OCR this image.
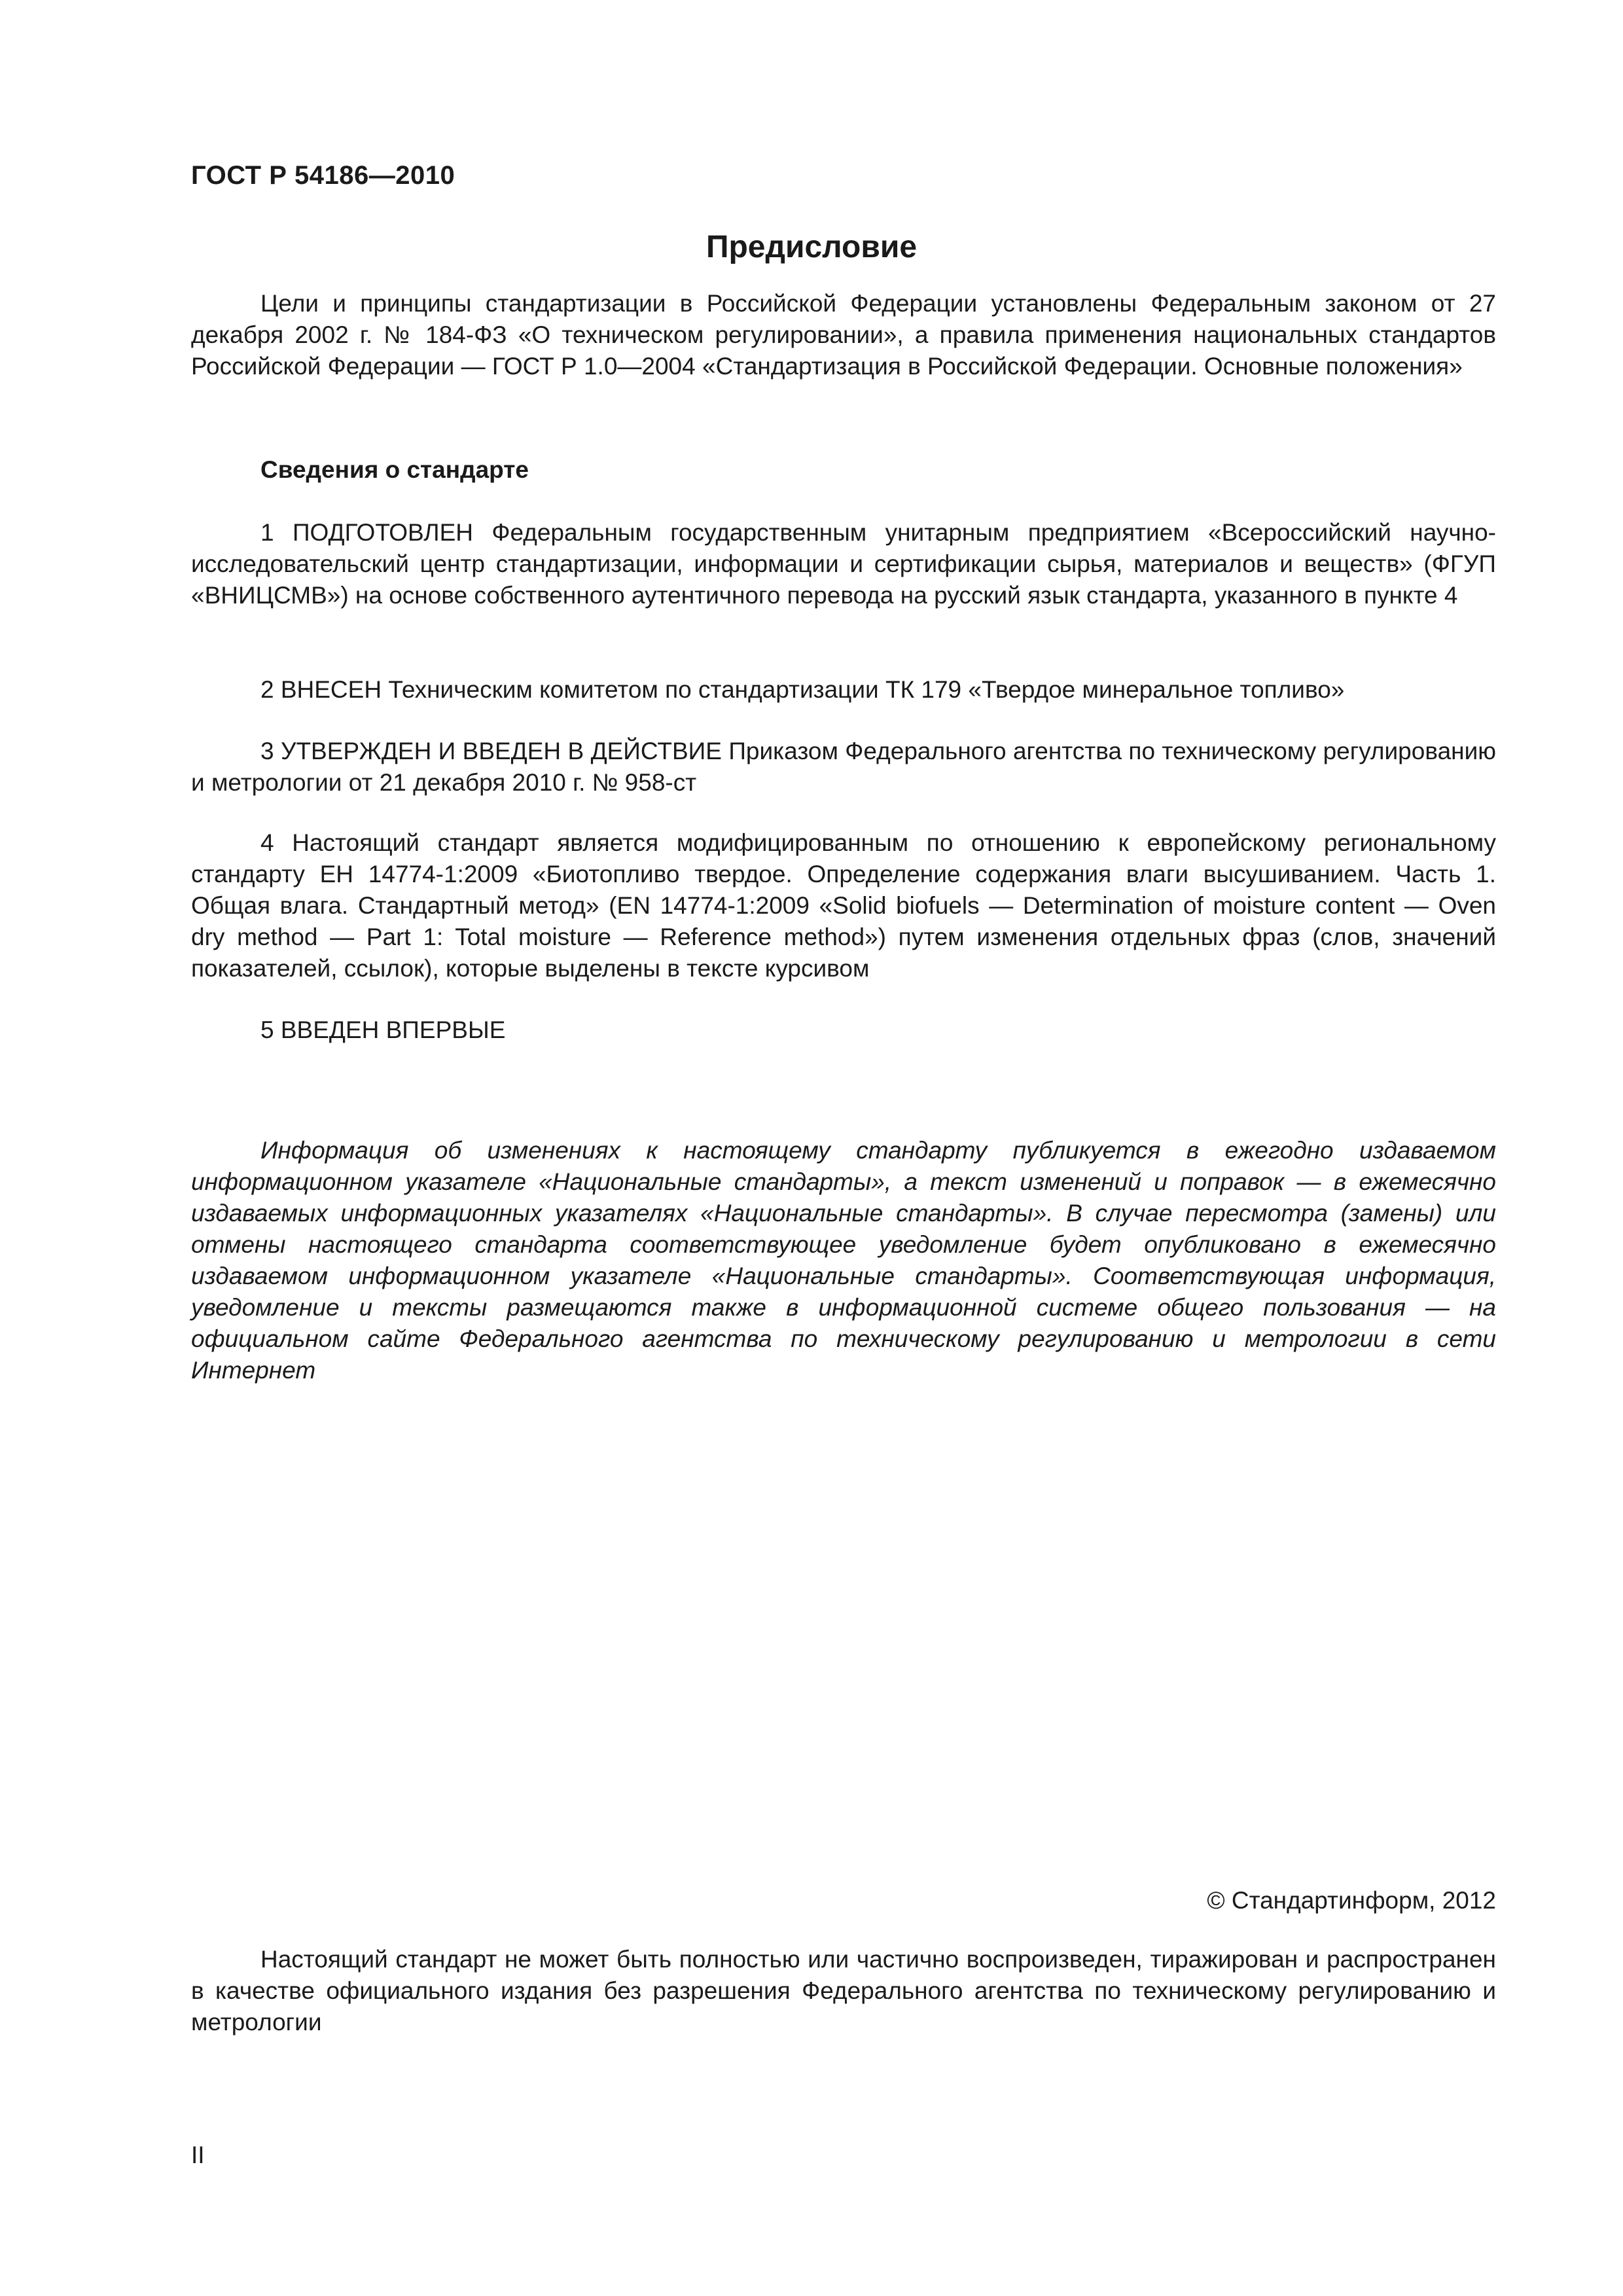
ГОСТ Р 54186—2010
Предисловие

Цели и принципы стандартизации в Российской Федерации установлены Федеральным законом от 27 декабря 2002 г. № 184-ФЗ «О техническом регулировании», а правила применения национальных стандартов Российской Федерации — ГОСТ Р 1.0—2004 «Стандартизация в Российской Федерации. Основные положения»

Сведения о стандарте

1 ПОДГОТОВЛЕН Федеральным государственным унитарным предприятием «Всероссийский научно-исследовательский центр стандартизации, информации и сертификации сырья, материалов и веществ» (ФГУП «ВНИЦСМВ») на основе собственного аутентичного перевода на русский язык стандарта, указанного в пункте 4

2 ВНЕСЕН Техническим комитетом по стандартизации ТК 179 «Твердое минеральное топливо»

3 УТВЕРЖДЕН И ВВЕДЕН В ДЕЙСТВИЕ Приказом Федерального агентства по техническому регулированию и метрологии от 21 декабря 2010 г. № 958-ст

4 Настоящий стандарт является модифицированным по отношению к европейскому региональному стандарту ЕН 14774-1:2009 «Биотопливо твердое. Определение содержания влаги высушиванием. Часть 1. Общая влага. Стандартный метод» (EN 14774-1:2009 «Solid biofuels — Determination of moisture content — Oven dry method — Part 1: Total moisture — Reference method») путем изменения отдельных фраз (слов, значений показателей, ссылок), которые выделены в тексте курсивом

5 ВВЕДЕН ВПЕРВЫЕ

Информация об изменениях к настоящему стандарту публикуется в ежегодно издаваемом информационном указателе «Национальные стандарты», а текст изменений и поправок — в ежемесячно издаваемых информационных указателях «Национальные стандарты». В случае пересмотра (замены) или отмены настоящего стандарта соответствующее уведомление будет опубликовано в ежемесячно издаваемом информационном указателе «Национальные стандарты». Соответствующая информация, уведомление и тексты размещаются также в информационной системе общего пользования — на официальном сайте Федерального агентства по техническому регулированию и метрологии в сети Интернет

© Стандартинформ, 2012

Настоящий стандарт не может быть полностью или частично воспроизведен, тиражирован и распространен в качестве официального издания без разрешения Федерального агентства по техническому регулированию и метрологии

II
